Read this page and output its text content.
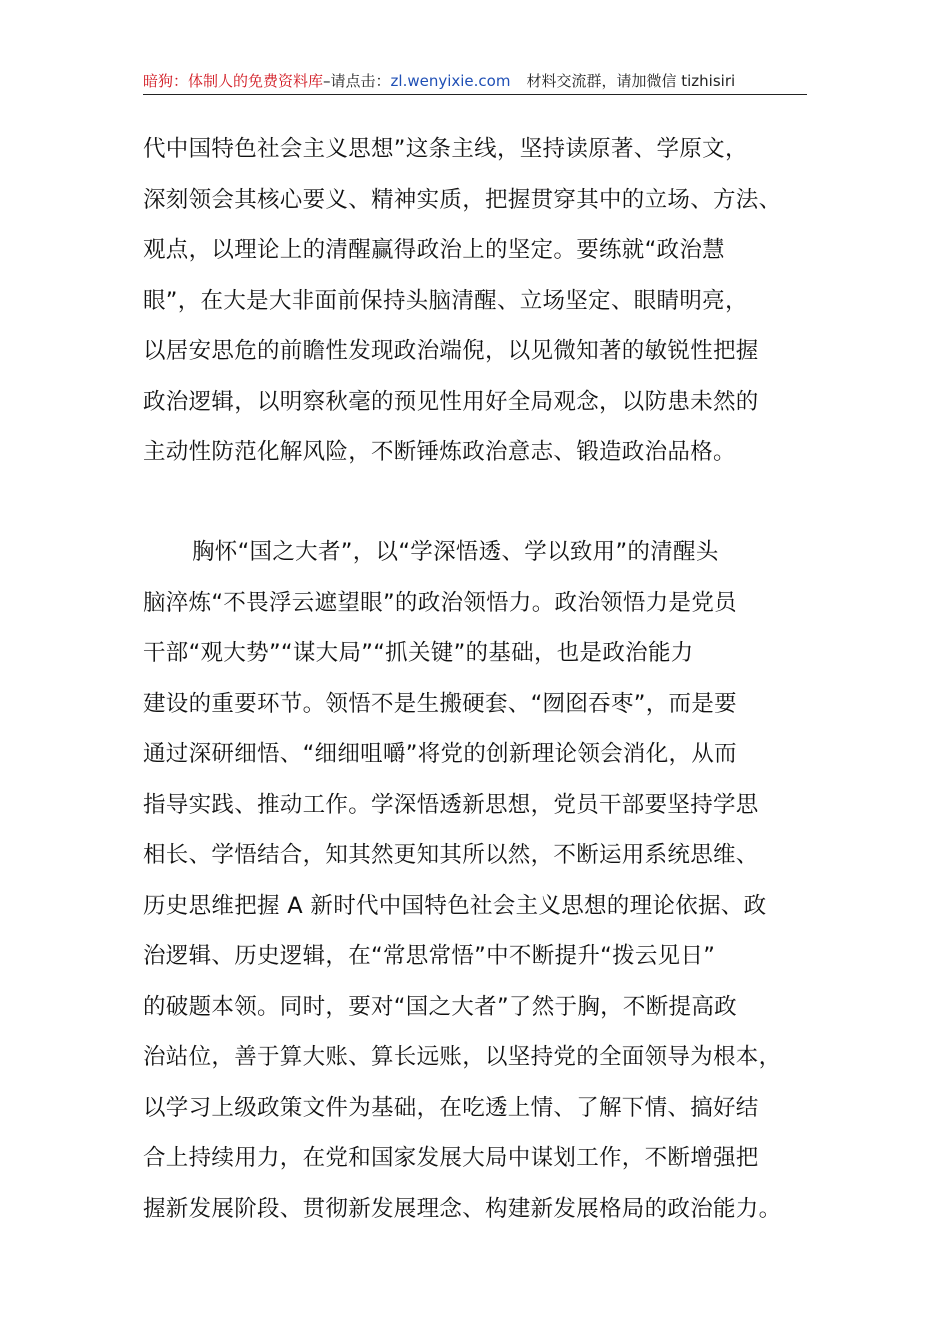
暗狗：体制人的免费资料库–请点击：zl.wenyixie.com 材料交流群，请加微信 tizhisiri
代中国特色社会主义思想”这条主线，坚持读原著、学原文，
深刻领会其核心要义、精神实质，把握贯穿其中的立场、方法、
观点，以理论上的清醒赢得政治上的坚定。要练就“政治慧
眼”，在大是大非面前保持头脑清醒、立场坚定、眼睛明亮，
以居安思危的前瞻性发现政治端倪，以见微知著的敏锐性把握
政治逻辑，以明察秋毫的预见性用好全局观念，以防患未然的
主动性防范化解风险，不断锤炼政治意志、锻造政治品格。
胸怀“国之大者”，以“学深悟透、学以致用”的清醒头
脑淬炼“不畏浮云遮望眼”的政治领悟力。政治领悟力是党员
干部“观大势”“谋大局”“抓关键”的基础，也是政治能力
建设的重要环节。领悟不是生搬硬套、“囫囵吞枣”，而是要
通过深研细悟、“细细咀嚼”将党的创新理论领会消化，从而
指导实践、推动工作。学深悟透新思想，党员干部要坚持学思
相长、学悟结合，知其然更知其所以然，不断运用系统思维、
历史思维把握 A 新时代中国特色社会主义思想的理论依据、政
治逻辑、历史逻辑，在“常思常悟”中不断提升“拨云见日”
的破题本领。同时，要对“国之大者”了然于胸，不断提高政
治站位，善于算大账、算长远账，以坚持党的全面领导为根本，
以学习上级政策文件为基础，在吃透上情、了解下情、搞好结
合上持续用力，在党和国家发展大局中谋划工作，不断增强把
握新发展阶段、贯彻新发展理念、构建新发展格局的政治能力。
